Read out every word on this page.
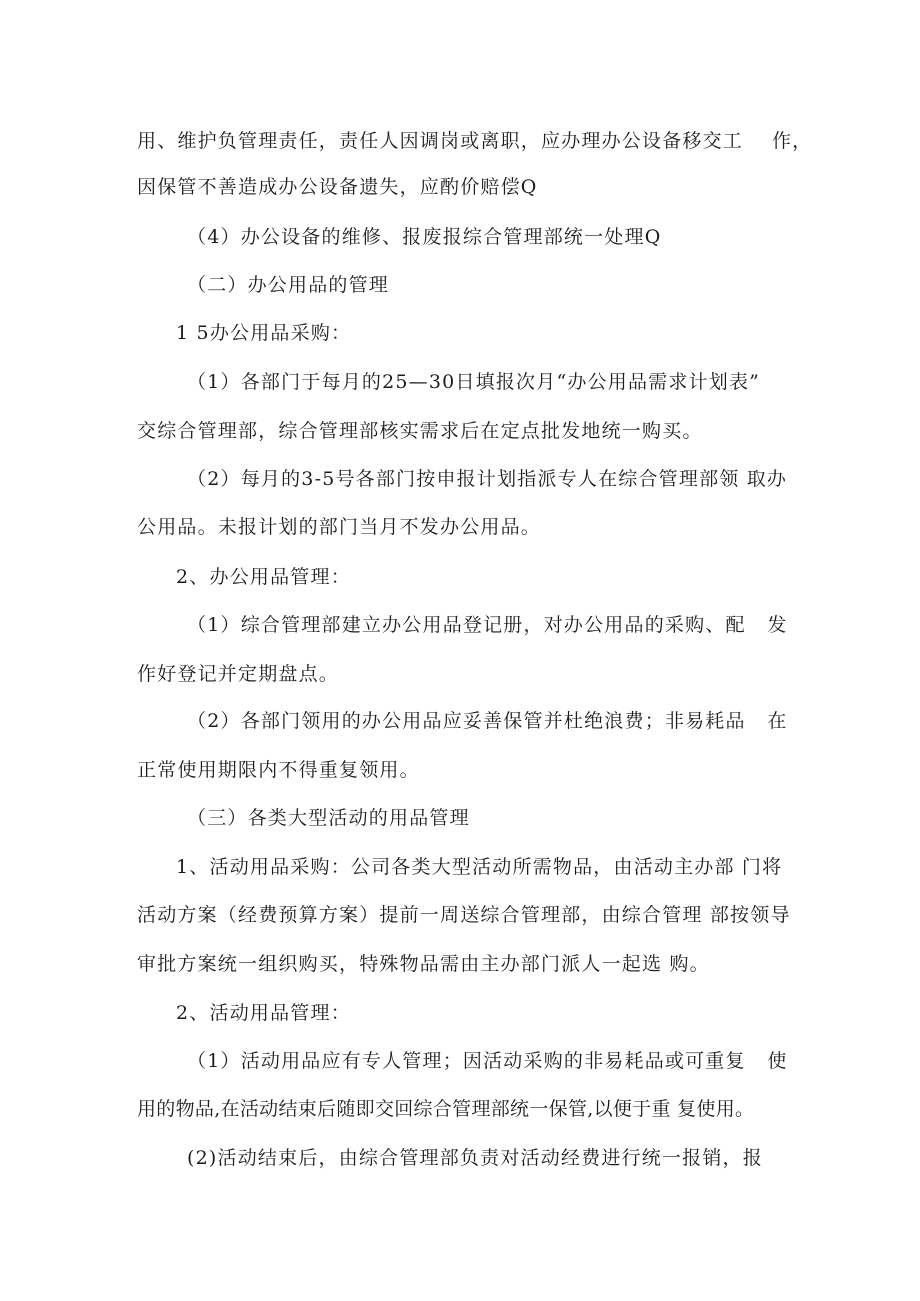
用、维护负管理责任，责任人因调岗或离职，应办理办公设备移交工    作，

因保管不善造成办公设备遗失，应酌价赔偿Q

（4）办公设备的维修、报废报综合管理部统一处理Q

（二）办公用品的管理

1 5办公用品采购：

（1）各部门于每月的25—30日填报次月“办公用品需求计划表”

交综合管理部，综合管理部核实需求后在定点批发地统一购买。

（2）每月的3-5号各部门按申报计划指派专人在综合管理部领 取办

公用品。未报计划的部门当月不发办公用品。

2、办公用品管理：

（1）综合管理部建立办公用品登记册，对办公用品的采购、配   发

作好登记并定期盘点。

（2）各部门领用的办公用品应妥善保管并杜绝浪费；非易耗品   在

正常使用期限内不得重复领用。

（三）各类大型活动的用品管理

1、活动用品采购：公司各类大型活动所需物品，由活动主办部 门将

活动方案（经费预算方案）提前一周送综合管理部，由综合管理 部按领导

审批方案统一组织购买，特殊物品需由主办部门派人一起选 购。

2、活动用品管理：

（1）活动用品应有专人管理；因活动采购的非易耗品或可重复   使

用的物品,在活动结束后随即交回综合管理部统一保管,以便于重 复使用。

(2)活动结束后，由综合管理部负责对活动经费进行统一报销，报
